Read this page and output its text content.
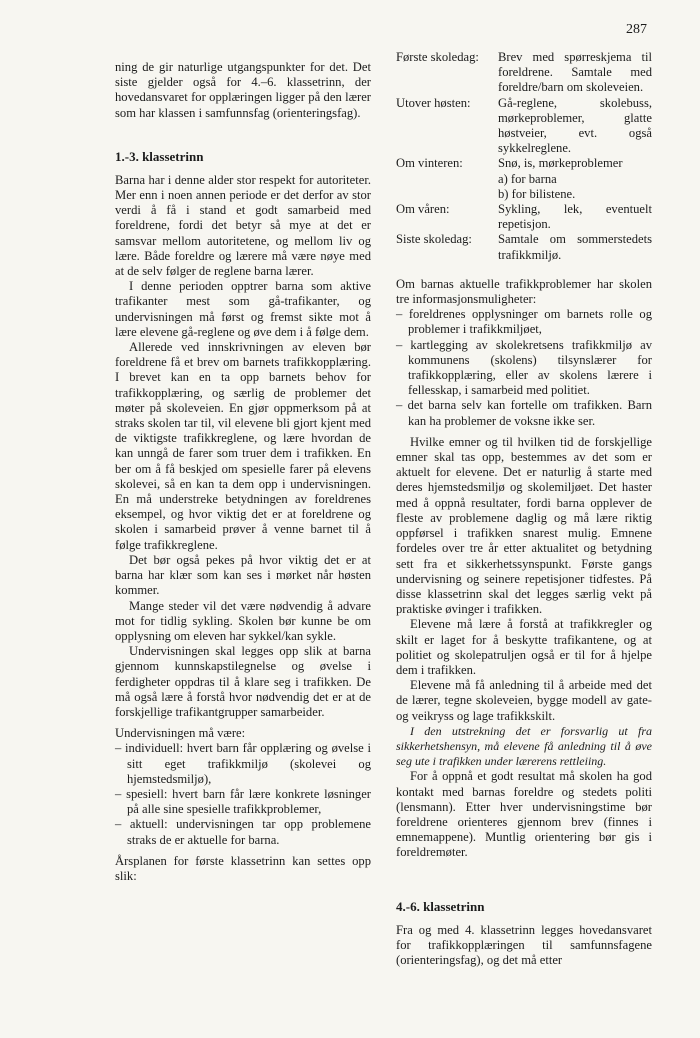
287

ning de gir naturlige utgangspunkter for det. Det siste gjelder også for 4.–6. klassetrinn, der hovedansvaret for opplæringen ligger på den lærer som har klassen i samfunnsfag (orienteringsfag).

1.-3. klassetrinn

Barna har i denne alder stor respekt for autoriteter. Mer enn i noen annen periode er det derfor av stor verdi å få i stand et godt samarbeid med foreldrene, fordi det betyr så mye at det er samsvar mellom autoritetene, og mellom liv og lære. Både foreldre og lærere må være nøye med at de selv følger de reglene barna lærer.

I denne perioden opptrer barna som aktive trafikanter mest som gå-trafikanter, og undervisningen må først og fremst sikte mot å lære elevene gå-reglene og øve dem i å følge dem.

Allerede ved innskrivningen av eleven bør foreldrene få et brev om barnets trafikkopplæring. I brevet kan en ta opp barnets behov for trafikkopplæring, og særlig de problemer det møter på skoleveien. En gjør oppmerksom på at straks skolen tar til, vil elevene bli gjort kjent med de viktigste trafikkreglene, og lære hvordan de kan unngå de farer som truer dem i trafikken. En ber om å få beskjed om spesielle farer på elevens skolevei, så en kan ta dem opp i undervisningen. En må understreke betydningen av foreldrenes eksempel, og hvor viktig det er at foreldrene og skolen i samarbeid prøver å venne barnet til å følge trafikkreglene.

Det bør også pekes på hvor viktig det er at barna har klær som kan ses i mørket når høsten kommer.

Mange steder vil det være nødvendig å advare mot for tidlig sykling. Skolen bør kunne be om opplysning om eleven har sykkel/kan sykle.

Undervisningen skal legges opp slik at barna gjennom kunnskapstilegnelse og øvelse i ferdigheter oppdras til å klare seg i trafikken. De må også lære å forstå hvor nødvendig det er at de forskjellige trafikantgrupper samarbeider.

Undervisningen må være:

– individuell: hvert barn får opplæring og øvelse i sitt eget trafikkmiljø (skolevei og hjemstedsmiljø),
– spesiell: hvert barn får lære konkrete løsninger på alle sine spesielle trafikkproblemer,
– aktuell: undervisningen tar opp problemene straks de er aktuelle for barna.

Årsplanen for første klassetrinn kan settes opp slik:

Første skoledag:	Brev med spørreskjema til foreldrene. Samtale med foreldre/barn om skoleveien.
Utover høsten:	Gå-reglene, skolebuss, mørkeproblemer, glatte høstveier, evt. også sykkelreglene.
Om vinteren:	Snø, is, mørkeproblemer
a) for barna
b) for bilistene.
Om våren:	Sykling, lek, eventuelt repetisjon.
Siste skoledag:	Samtale om sommerstedets trafikkmiljø.

Om barnas aktuelle trafikkproblemer har skolen tre informasjonsmuligheter:

– foreldrenes opplysninger om barnets rolle og problemer i trafikkmiljøet,
– kartlegging av skolekretsens trafikkmiljø av kommunens (skolens) tilsynslærer for trafikkopplæring, eller av skolens lærere i fellesskap, i samarbeid med politiet.
– det barna selv kan fortelle om trafikken. Barn kan ha problemer de voksne ikke ser.

Hvilke emner og til hvilken tid de forskjellige emner skal tas opp, bestemmes av det som er aktuelt for elevene. Det er naturlig å starte med deres hjemstedsmiljø og skolemiljøet. Det haster med å oppnå resultater, fordi barna opplever de fleste av problemene daglig og må lære riktig oppførsel i trafikken snarest mulig. Emnene fordeles over tre år etter aktualitet og betydning sett fra et sikkerhetssynspunkt. Første gangs undervisning og seinere repetisjoner tidfestes. På disse klassetrinn skal det legges særlig vekt på praktiske øvinger i trafikken.

Elevene må lære å forstå at trafikkregler og skilt er laget for å beskytte trafikantene, og at politiet og skolepatruljen også er til for å hjelpe dem i trafikken.

Elevene må få anledning til å arbeide med det de lærer, tegne skoleveien, bygge modell av gate- og veikryss og lage trafikkskilt.

I den utstrekning det er forsvarlig ut fra sikkerhetshensyn, må elevene få anledning til å øve seg ute i trafikken under lærerens rettleiing.

For å oppnå et godt resultat må skolen ha god kontakt med barnas foreldre og stedets politi (lensmann). Etter hver undervisningstime bør foreldrene orienteres gjennom brev (finnes i emnemappene). Muntlig orientering bør gis i foreldremøter.

4.-6. klassetrinn

Fra og med 4. klassetrinn legges hovedansvaret for trafikkopplæringen til samfunnsfagene (orienteringsfag), og det må etter
